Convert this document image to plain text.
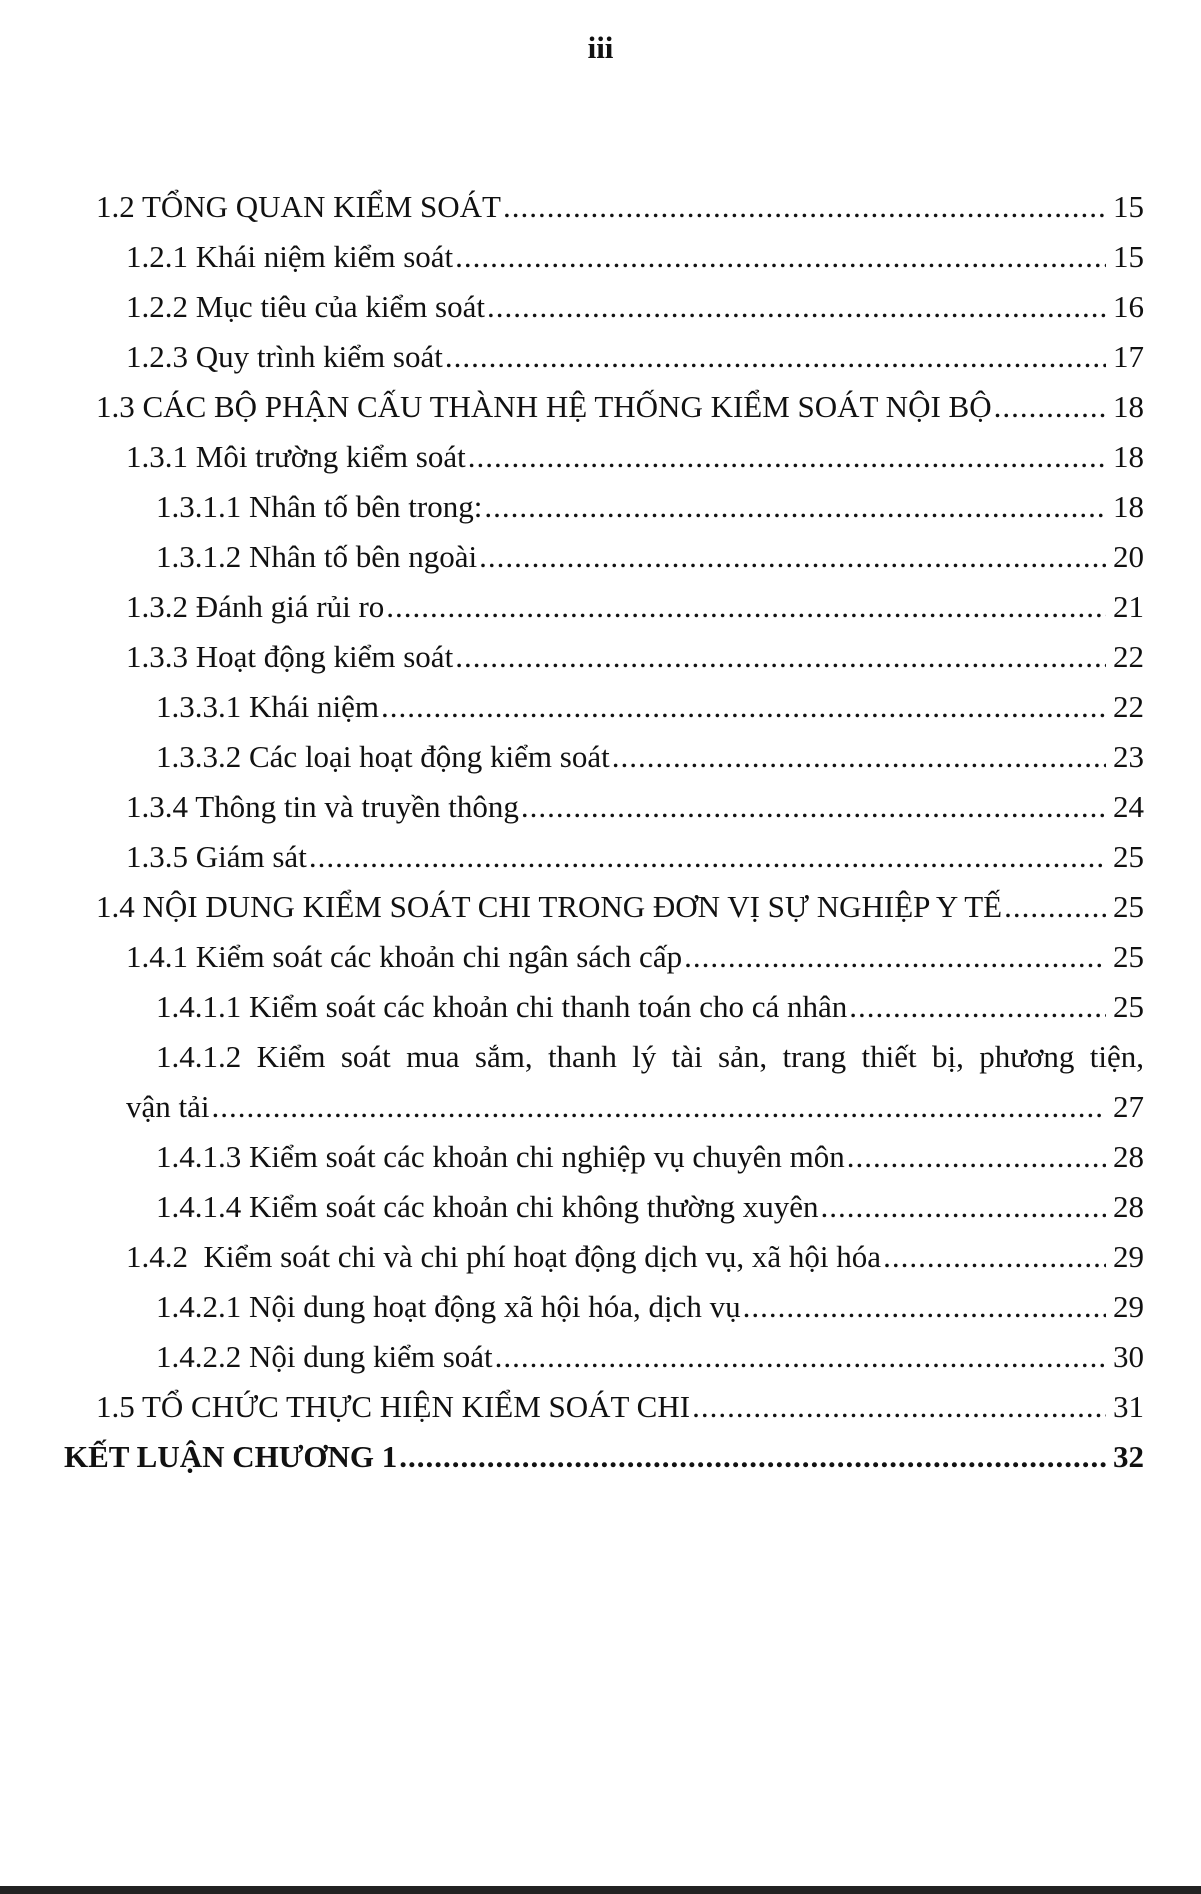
iii
1.2 TỔNG QUAN KIỂM SOÁT .....	15
1.2.1 Khái niệm kiểm soát .....	15
1.2.2 Mục tiêu của kiểm soát .....	16
1.2.3 Quy trình kiểm soát .....	17
1.3 CÁC BỘ PHẬN CẤU THÀNH HỆ THỐNG KIỂM SOÁT NỘI BỘ .....	18
1.3.1 Môi trường kiểm soát .....	18
1.3.1.1 Nhân tố bên trong: .....	18
1.3.1.2 Nhân tố bên ngoài .....	20
1.3.2 Đánh giá rủi ro .....	21
1.3.3 Hoạt động kiểm soát .....	22
1.3.3.1 Khái niệm .....	22
1.3.3.2 Các loại hoạt động kiểm soát .....	23
1.3.4 Thông tin và truyền thông .....	24
1.3.5 Giám sát .....	25
1.4 NỘI DUNG KIỂM SOÁT CHI TRONG ĐƠN VỊ SỰ NGHIỆP Y TẾ .....	25
1.4.1 Kiểm soát các khoản chi ngân sách cấp .....	25
1.4.1.1 Kiểm soát các khoản chi thanh toán cho cá nhân .....	25
1.4.1.2 Kiểm soát mua sắm, thanh lý tài sản, trang thiết bị, phương tiện,
vận tải .....	27
1.4.1.3 Kiểm soát các khoản chi nghiệp vụ chuyên môn .....	28
1.4.1.4 Kiểm soát các khoản chi không thường xuyên .....	28
1.4.2  Kiểm soát chi và chi phí hoạt động dịch vụ, xã hội hóa .....	29
1.4.2.1 Nội dung hoạt động xã hội hóa, dịch vụ .....	29
1.4.2.2 Nội dung kiểm soát .....	30
1.5 TỔ CHỨC THỰC HIỆN KIỂM SOÁT CHI .....	31
KẾT LUẬN CHƯƠNG 1 .....	32
